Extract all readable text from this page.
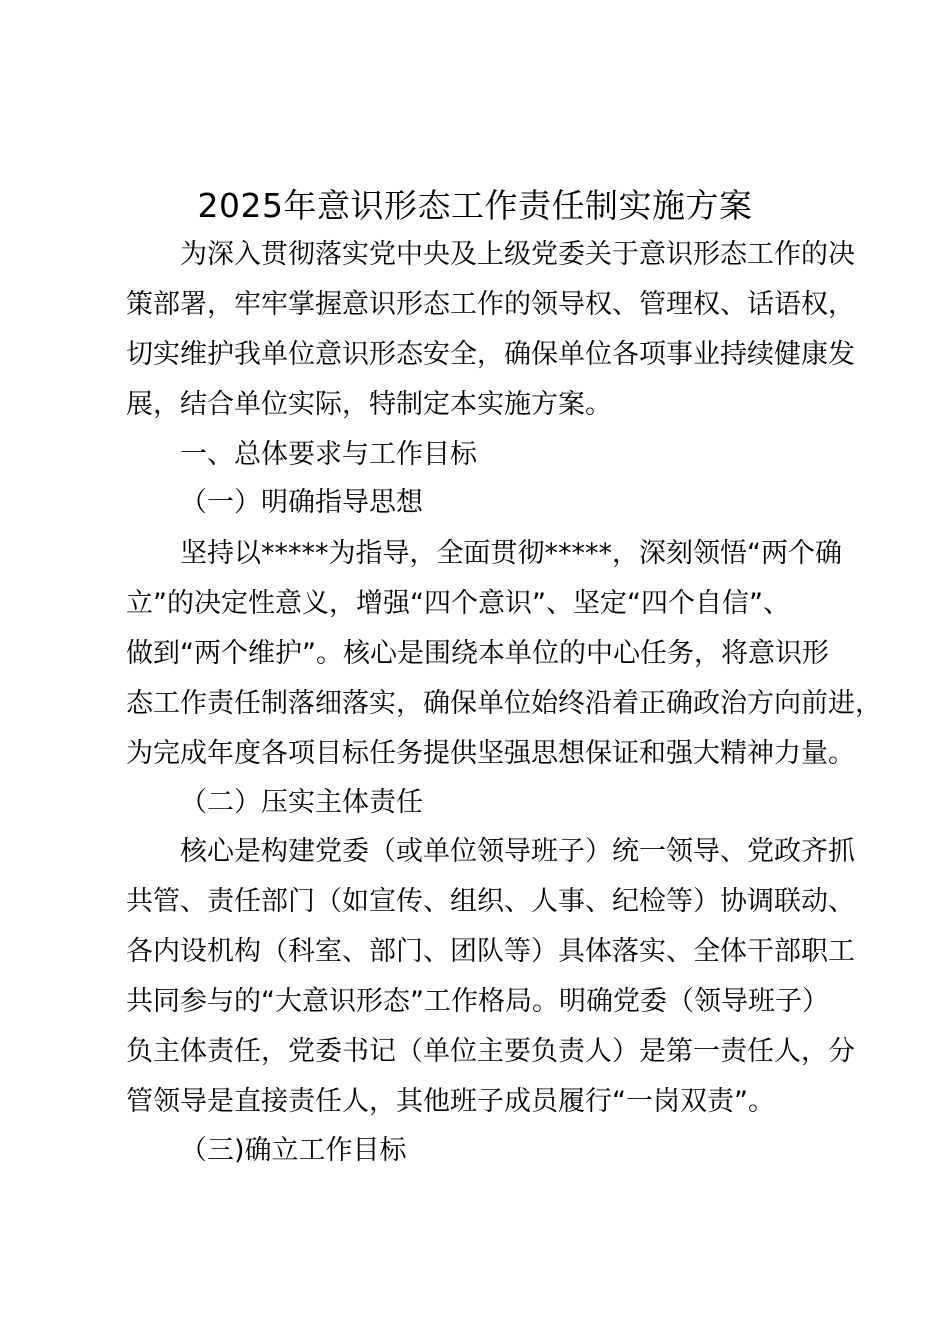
2025年意识形态工作责任制实施方案
为深入贯彻落实党中央及上级党委关于意识形态工作的决
策部署，牢牢掌握意识形态工作的领导权、管理权、话语权，
切实维护我单位意识形态安全，确保单位各项事业持续健康发
展，结合单位实际，特制定本实施方案。
一、总体要求与工作目标
（一）明确指导思想
坚持以*****为指导，全面贯彻*****，深刻领悟“两个确
立”的决定性意义，增强“四个意识”、坚定“四个自信”、
做到“两个维护”。核心是围绕本单位的中心任务，将意识形
态工作责任制落细落实，确保单位始终沿着正确政治方向前进，
为完成年度各项目标任务提供坚强思想保证和强大精神力量。
（二）压实主体责任
核心是构建党委（或单位领导班子）统一领导、党政齐抓
共管、责任部门（如宣传、组织、人事、纪检等）协调联动、
各内设机构（科室、部门、团队等）具体落实、全体干部职工
共同参与的“大意识形态”工作格局。明确党委（领导班子）
负主体责任，党委书记（单位主要负责人）是第一责任人，分
管领导是直接责任人，其他班子成员履行“一岗双责”。
（三)确立工作目标
